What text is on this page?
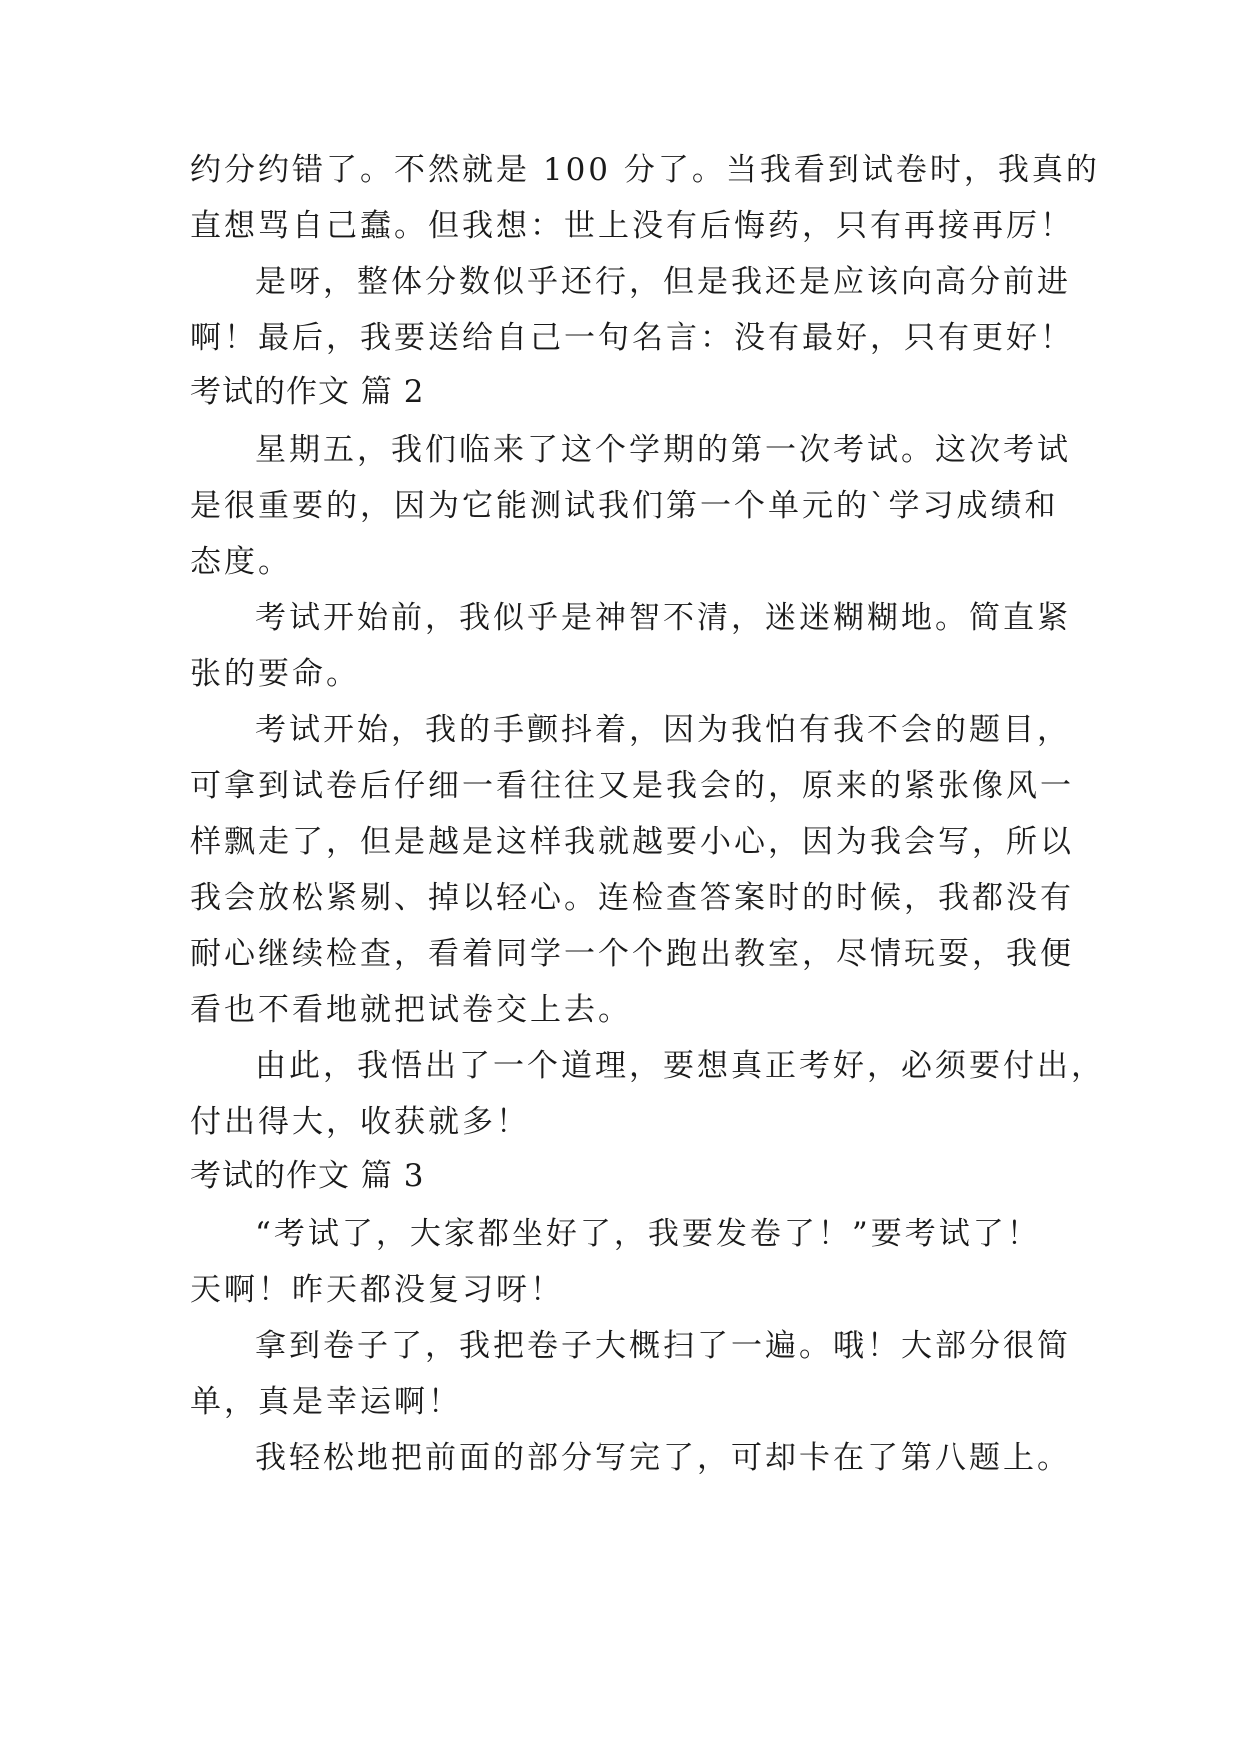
约分约错了。不然就是 100 分了。当我看到试卷时，我真的
直想骂自己蠢。但我想：世上没有后悔药，只有再接再厉！
是呀，整体分数似乎还行，但是我还是应该向高分前进
啊！最后，我要送给自己一句名言：没有最好，只有更好！
考试的作文 篇 2
星期五，我们临来了这个学期的第一次考试。这次考试
是很重要的，因为它能测试我们第一个单元的`学习成绩和
态度。
考试开始前，我似乎是神智不清，迷迷糊糊地。简直紧
张的要命。
考试开始，我的手颤抖着，因为我怕有我不会的题目，
可拿到试卷后仔细一看往往又是我会的，原来的紧张像风一
样飘走了，但是越是这样我就越要小心，因为我会写，所以
我会放松紧剔、掉以轻心。连检查答案时的时候，我都没有
耐心继续检查，看着同学一个个跑出教室，尽情玩耍，我便
看也不看地就把试卷交上去。
由此，我悟出了一个道理，要想真正考好，必须要付出，
付出得大，收获就多！
考试的作文 篇 3
“考试了，大家都坐好了，我要发卷了！”要考试了！
天啊！昨天都没复习呀！
拿到卷子了，我把卷子大概扫了一遍。哦！大部分很简
单，真是幸运啊！
我轻松地把前面的部分写完了，可却卡在了第八题上。
